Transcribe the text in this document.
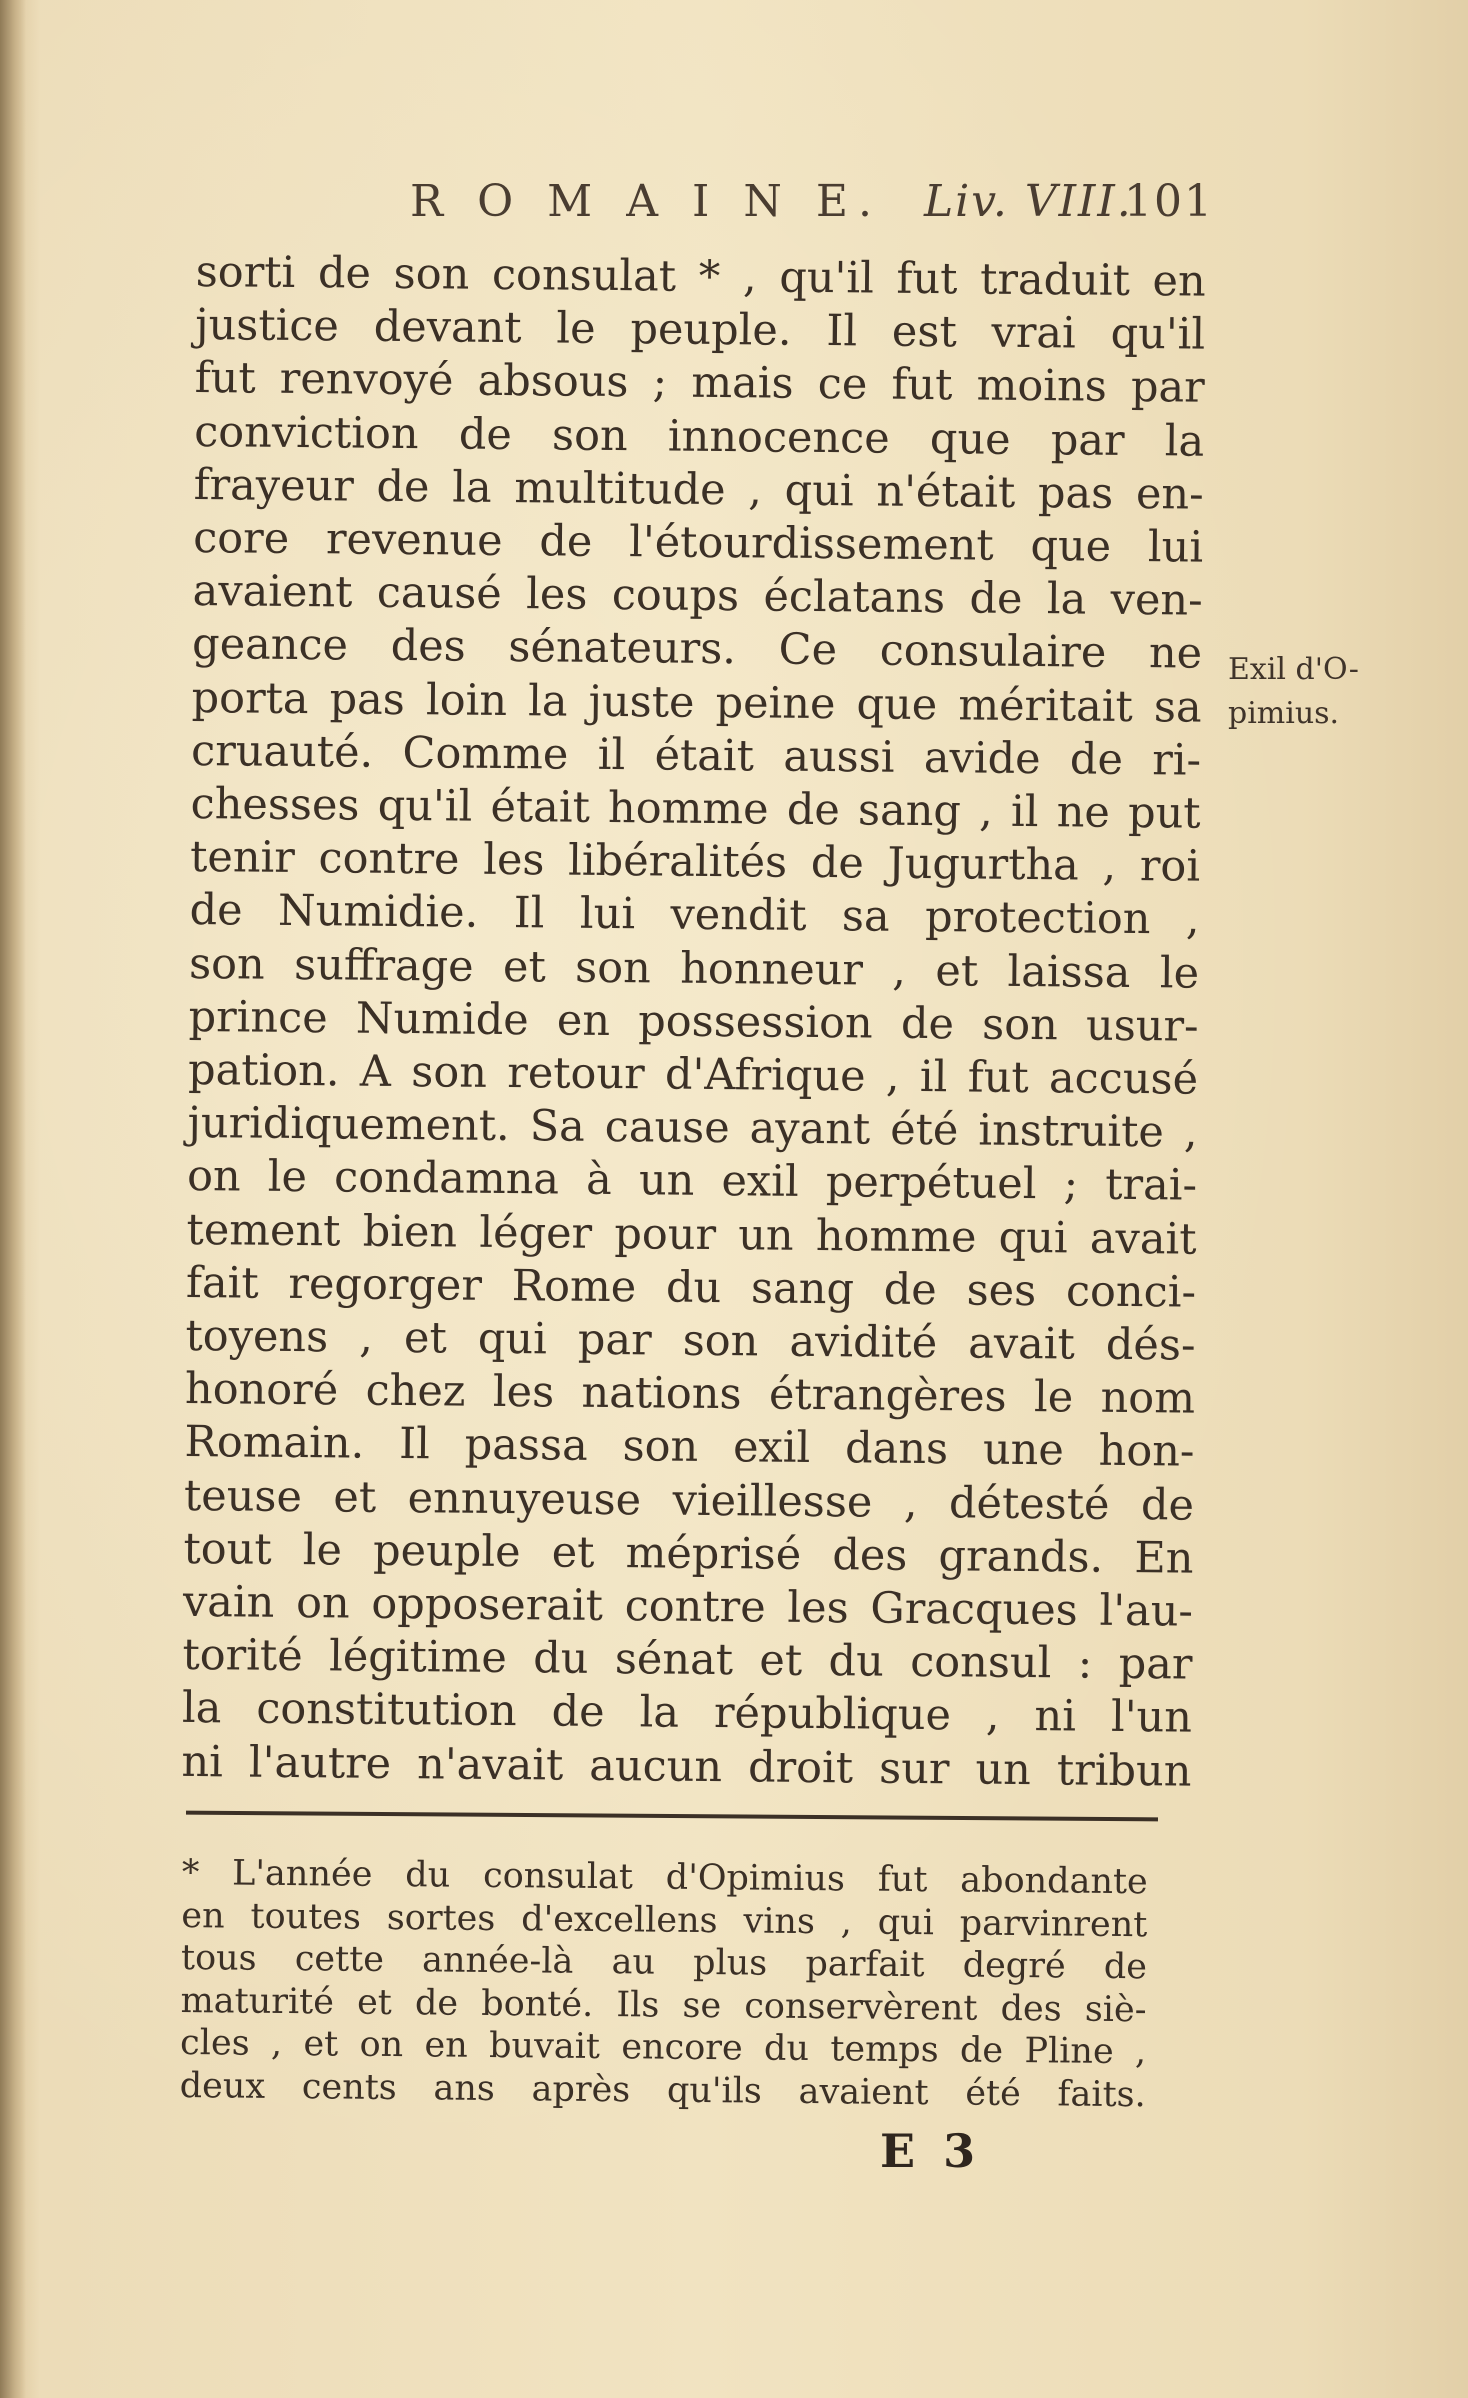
R O M A I N E. Liv. VIII.
101
sorti de son consulat * , qu'il fut traduit en
justice devant le peuple. Il est vrai qu'il
fut renvoyé absous ; mais ce fut moins par
conviction de son innocence que par la
frayeur de la multitude , qui n'était pas en-
core revenue de l'étourdissement que lui
avaient causé les coups éclatans de la ven-
geance des sénateurs. Ce consulaire ne
porta pas loin la juste peine que méritait sa
cruauté. Comme il était aussi avide de ri-
chesses qu'il était homme de sang , il ne put
tenir contre les libéralités de Jugurtha , roi
de Numidie. Il lui vendit sa protection ,
son suffrage et son honneur , et laissa le
prince Numide en possession de son usur-
pation. A son retour d'Afrique , il fut accusé
juridiquement. Sa cause ayant été instruite ,
on le condamna à un exil perpétuel ; trai-
tement bien léger pour un homme qui avait
fait regorger Rome du sang de ses conci-
toyens , et qui par son avidité avait dés-
honoré chez les nations étrangères le nom
Romain. Il passa son exil dans une hon-
teuse et ennuyeuse vieillesse , détesté de
tout le peuple et méprisé des grands. En
vain on opposerait contre les Gracques l'au-
torité légitime du sénat et du consul : par
la constitution de la république , ni l'un
ni l'autre n'avait aucun droit sur un tribun
Exil d'O-
pimius.
* L'année du consulat d'Opimius fut abondante
en toutes sortes d'excellens vins , qui parvinrent
tous cette année-là au plus parfait degré de
maturité et de bonté. Ils se conservèrent des siè-
cles , et on en buvait encore du temps de Pline ,
deux cents ans après qu'ils avaient été faits.
E 3
